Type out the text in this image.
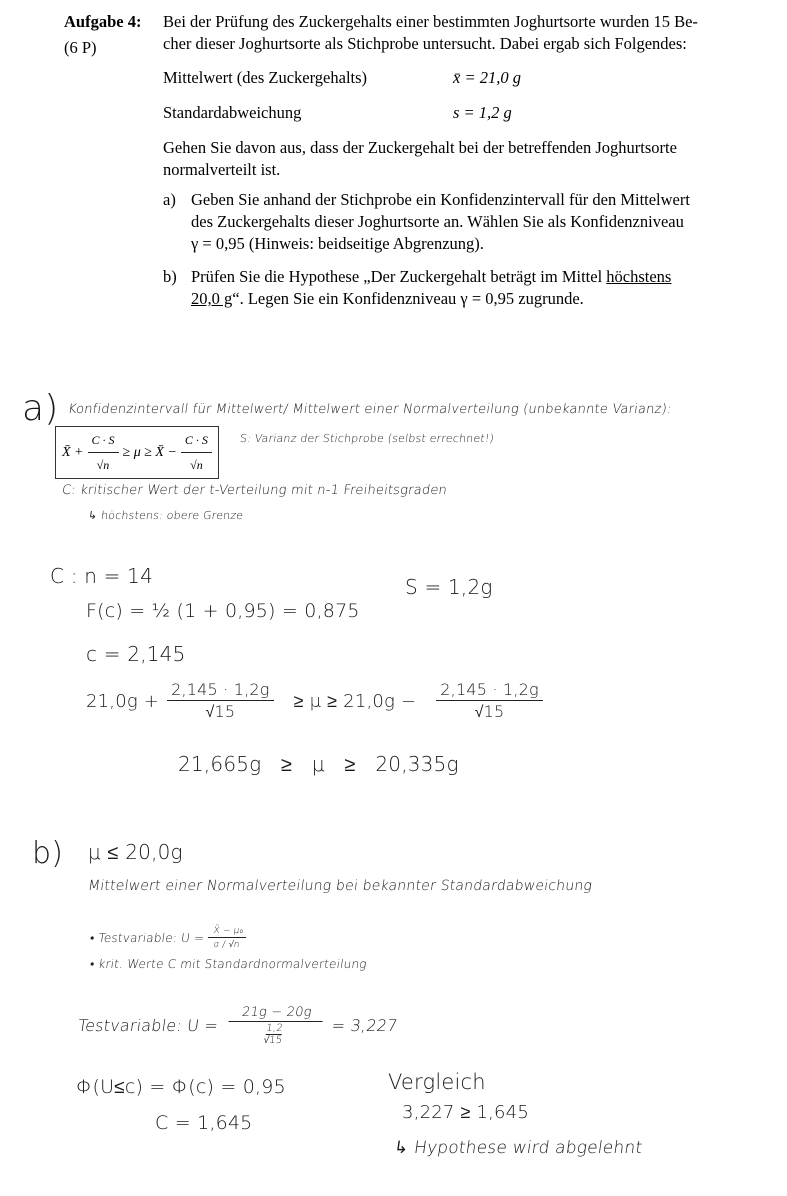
Aufgabe 4:
(6 P)
Bei der Prüfung des Zuckergehalts einer bestimmten Joghurtsorte wurden 15 Be-
cher dieser Joghurtsorte als Stichprobe untersucht. Dabei ergab sich Folgendes:
Mittelwert (des Zuckergehalts)	x̄ = 21,0 g
Standardabweichung	s = 1,2 g
Gehen Sie davon aus, dass der Zuckergehalt bei der betreffenden Joghurtsorte
normalverteilt ist.
a) Geben Sie anhand der Stichprobe ein Konfidenzintervall für den Mittelwert
des Zuckergehalts dieser Joghurtsorte an. Wählen Sie als Konfidenzniveau
γ = 0,95 (Hinweis: beidseitige Abgrenzung).
b) Prüfen Sie die Hypothese „Der Zuckergehalt beträgt im Mittel höchstens
20,0 g“. Legen Sie ein Konfidenzniveau γ = 0,95 zugrunde.
a) Konfidenzintervall für Mittelwert/ Mittelwert einer Normalverteilung (unbekannte Varianz):
X̄ + $\frac{C \cdot S}{√n} \ge \mu$ ≥ X̄ − $\frac{C \cdot S}{√n} S$: Varianz der Stichprobe (selbst errechnet!)
C: kritischer Wert der t-Verteilung mit n-1 Freiheitsgraden
↳ höchstens: obere Grenze
C : n = 14	S = 1,2g
F(c) = ½ (1 + 0,95) = 0,875
c = 2,145
$21,0g + \frac{2,145 \cdot 1,2g}{√15} \ge \mu \ge 21,0g - \frac{2,145 \cdot 1,2g}{√15}$
21,665g   ≥   μ   ≥   20,335g
b) μ ≤ 20,0g
Mittelwert einer Normalverteilung bei bekannter Standardabweichung
• Testvariable: $U = \frac{\text{X̄ − μ₀}}{\sigma / √n}$
• krit. Werte C mit Standardnormalverteilung
Testvariable: U = 21g − 20g
1,2
√15 = 3,227
Φ(U≤c) = Φ(c) = 0,95
C = 1,645
Vergleich
3,227 ≥ 1,645
↳ Hypothese wird abgelehnt
